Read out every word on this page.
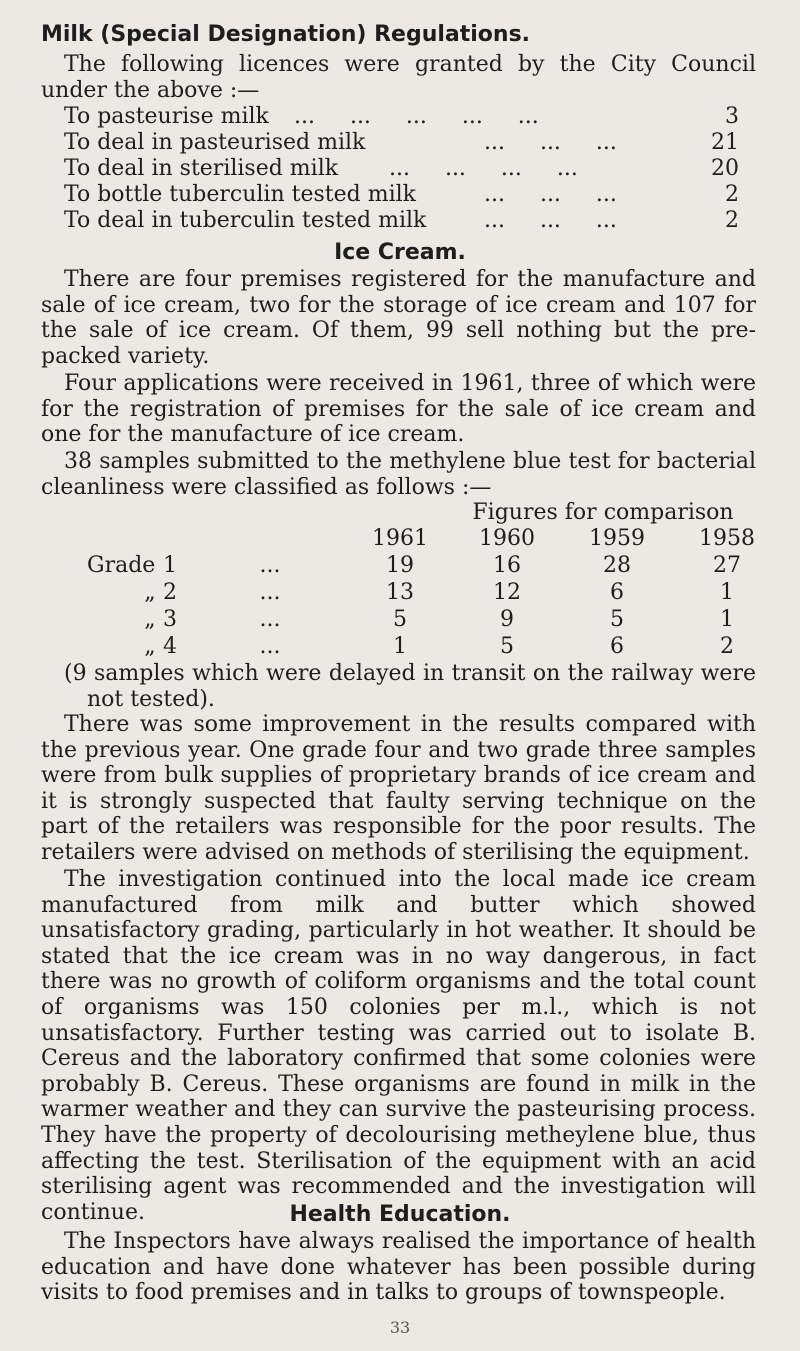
Milk (Special Designation) Regulations.
The following licences were granted by the City Council under the above :—
To pasteurise milk ...     ...     ...     ...     ...	3
To deal in pasteurised milk	...     ...     ...	21
To deal in sterilised milk ...     ...     ...     ...	20
To bottle tuberculin tested milk	...     ...     ...	2
To deal in tuberculin tested milk	...     ...     ...	2
Ice Cream.
There are four premises registered for the manufacture and sale of ice cream, two for the storage of ice cream and 107 for the sale of ice cream. Of them, 99 sell nothing but the pre-packed variety.
Four applications were received in 1961, three of which were for the registration of premises for the sale of ice cream and one for the manufacture of ice cream.
38 samples submitted to the methylene blue test for bacterial cleanliness were classified as follows :—
Figures for comparison
1961 1960 1959 1958
Grade 1	...	19	16	28	27
„ 2	...	13	12	6	1
„ 3	...	5	9	5	1
„ 4	...	1	5	6	2
(9 samples which were delayed in transit on the railway were not tested).
There was some improvement in the results compared with the previous year. One grade four and two grade three samples were from bulk supplies of proprietary brands of ice cream and it is strongly suspected that faulty serving technique on the part of the retailers was responsible for the poor results. The retailers were advised on methods of sterilising the equipment.
The investigation continued into the local made ice cream manufactured from milk and butter which showed unsatisfactory grading, particularly in hot weather. It should be stated that the ice cream was in no way dangerous, in fact there was no growth of coliform organisms and the total count of organisms was 150 colonies per m.l., which is not unsatisfactory. Further testing was carried out to isolate B. Cereus and the laboratory confirmed that some colonies were probably B. Cereus. These organisms are found in milk in the warmer weather and they can survive the pasteurising process. They have the property of decolourising metheylene blue, thus affecting the test. Sterilisation of the equipment with an acid sterilising agent was recommended and the investigation will continue.	Health Education.
The Inspectors have always realised the importance of health education and have done whatever has been possible during visits to food premises and in talks to groups of townspeople.
33
